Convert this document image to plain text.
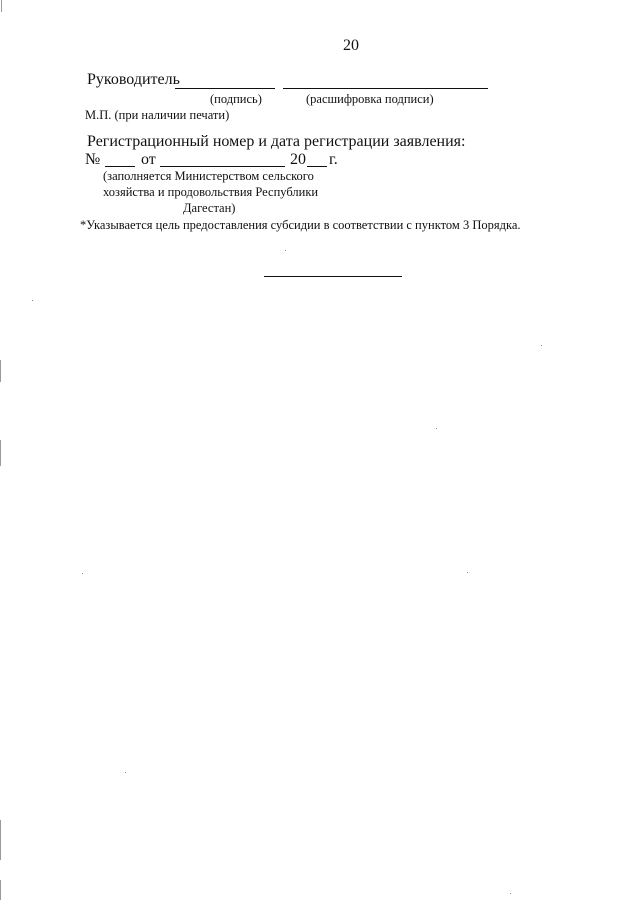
20
Руководитель
(подпись)	(расшифровка подписи)
М.П. (при наличии печати)
Регистрационный номер и дата регистрации заявления:
№	от	20 г.
(заполняется Министерством сельского
хозяйства и продовольствия Республики
Дагестан)
*Указывается цель предоставления субсидии в соответствии с пунктом 3 Порядка.
